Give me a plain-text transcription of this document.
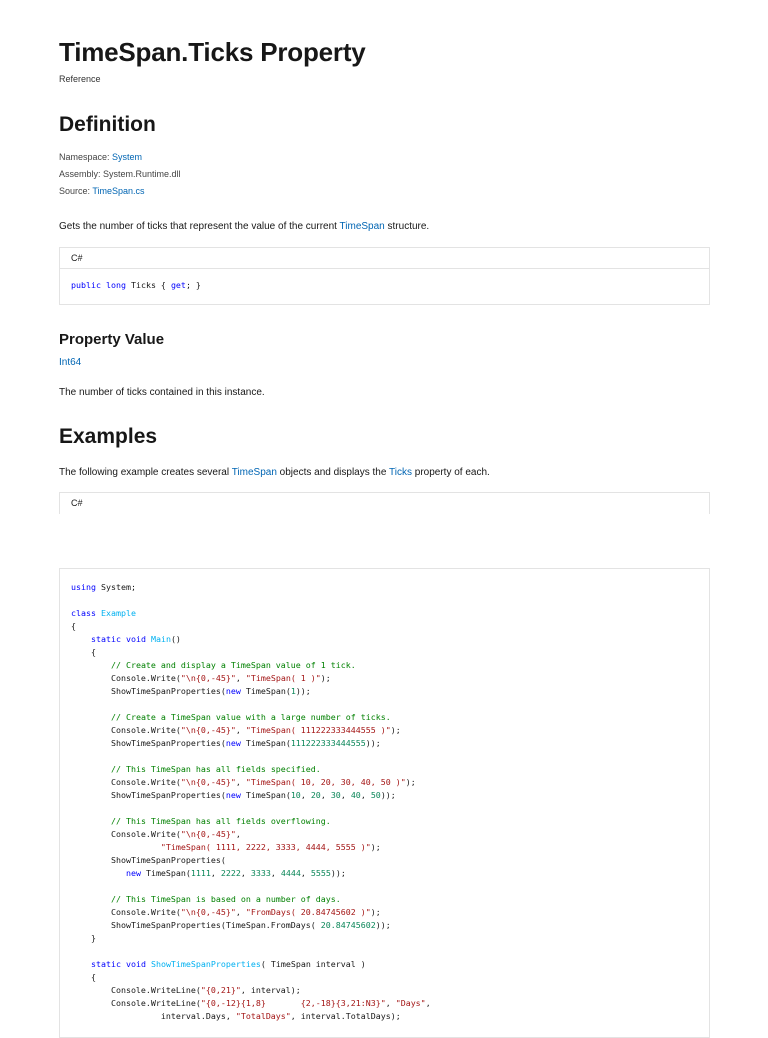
TimeSpan.Ticks Property
Reference
Definition
Namespace: System
Assembly: System.Runtime.dll
Source: TimeSpan.cs
Gets the number of ticks that represent the value of the current TimeSpan structure.
C#
public long Ticks { get; }
Property Value
Int64
The number of ticks contained in this instance.
Examples
The following example creates several TimeSpan objects and displays the Ticks property of each.
C#
using System;
class Example
{
static void Main()
{
// Create and display a TimeSpan value of 1 tick.
Console.Write("\n{0,-45}", "TimeSpan( 1 )");
ShowTimeSpanProperties(new TimeSpan(1));
// Create a TimeSpan value with a large number of ticks.
Console.Write("\n{0,-45}", "TimeSpan( 111222333444555 )");
ShowTimeSpanProperties(new TimeSpan(111222333444555));
// This TimeSpan has all fields specified.
Console.Write("\n{0,-45}", "TimeSpan( 10, 20, 30, 40, 50 )");
ShowTimeSpanProperties(new TimeSpan(10, 20, 30, 40, 50));
// This TimeSpan has all fields overflowing.
Console.Write("\n{0,-45}",
"TimeSpan( 1111, 2222, 3333, 4444, 5555 )");
ShowTimeSpanProperties(
new TimeSpan(1111, 2222, 3333, 4444, 5555));
// This TimeSpan is based on a number of days.
Console.Write("\n{0,-45}", "FromDays( 20.84745602 )");
ShowTimeSpanProperties(TimeSpan.FromDays( 20.84745602));
}
static void ShowTimeSpanProperties( TimeSpan interval )
{
Console.WriteLine("{0,21}", interval);
Console.WriteLine("{0,-12}{1,8}       {2,-18}{3,21:N3}", "Days",
interval.Days, "TotalDays", interval.TotalDays);
